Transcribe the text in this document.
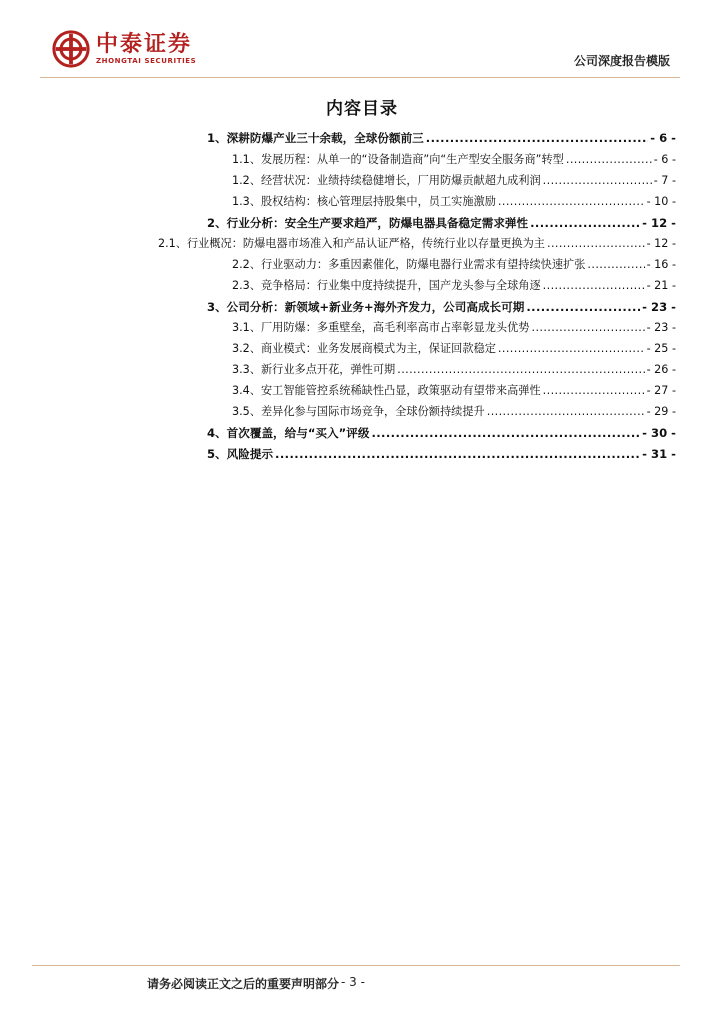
中泰证券
ZHONGTAI SECURITIES	公司深度报告模版
内容目录
1、深耕防爆产业三十余载，全球份额前三 .....	- 6 -
1.1、发展历程：从单一的“设备制造商”向“生产型安全服务商”转型 .....	- 6 -
1.2、经营状况：业绩持续稳健增长，厂用防爆贡献超九成利润 .....	- 7 -
1.3、股权结构：核心管理层持股集中，员工实施激励 .....	- 10 -
2、行业分析：安全生产要求趋严，防爆电器具备稳定需求弹性 .....	- 12 -
2.1、行业概况：防爆电器市场准入和产品认证严格，传统行业以存量更换为主 .....	- 12 -
2.2、行业驱动力：多重因素催化，防爆电器行业需求有望持续快速扩张 .....	- 16 -
2.3、竞争格局：行业集中度持续提升，国产龙头参与全球角逐 .....	- 21 -
3、公司分析：新领域+新业务+海外齐发力，公司高成长可期 .....	- 23 -
3.1、厂用防爆：多重壁垒，高毛利率高市占率彰显龙头优势 .....	- 23 -
3.2、商业模式：业务发展商模式为主，保证回款稳定 .....	- 25 -
3.3、新行业多点开花，弹性可期 .....	- 26 -
3.4、安工智能管控系统稀缺性凸显，政策驱动有望带来高弹性 .....	- 27 -
3.5、差异化参与国际市场竞争，全球份额持续提升 .....	- 29 -
4、首次覆盖，给与“买入”评级 .....	- 30 -
5、风险提示 .....	- 31 -
请务必阅读正文之后的重要声明部分 - 3 -
